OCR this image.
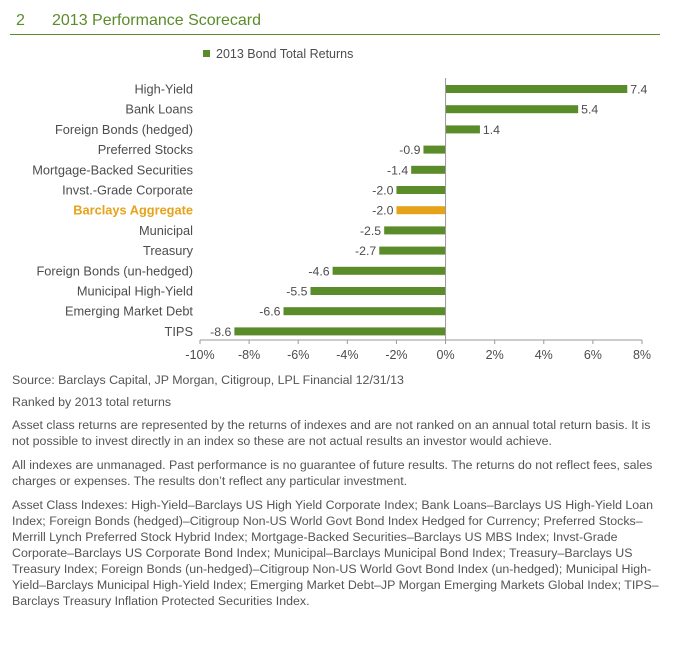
2 2013 Performance Scorecard
2013 Bond Total Returns
High-Yield	7.4
Bank Loans	5.4
Foreign Bonds (hedged)	1.4
Preferred Stocks	-0.9
Mortgage-Backed Securities	-1.4
Invst.-Grade Corporate	-2.0
Barclays Aggregate	-2.0
Municipal	-2.5
Treasury	-2.7
Foreign Bonds (un-hedged)	-4.6
Municipal High-Yield	-5.5
Emerging Market Debt	-6.6
TIPS -8.6
-10% -8% -6% -4% -2% 0% 2% 4% 6% 8%

Source: Barclays Capital, JP Morgan, Citigroup, LPL Financial 12/31/13

Ranked by 2013 total returns

Asset class returns are represented by the returns of indexes and are not ranked on an annual total return basis. It is not possible to invest directly in an index so these are not actual results an investor would achieve.

All indexes are unmanaged. Past performance is no guarantee of future results. The returns do not reflect fees, sales charges or expenses. The results don’t reflect any particular investment.

Asset Class Indexes: High-Yield–Barclays US High Yield Corporate Index; Bank Loans–Barclays US High-Yield Loan Index; Foreign Bonds (hedged)–Citigroup Non-US World Govt Bond Index Hedged for Currency; Preferred Stocks–Merrill Lynch Preferred Stock Hybrid Index; Mortgage-Backed Securities–Barclays US MBS Index; Invst-Grade Corporate–Barclays US Corporate Bond Index; Municipal–Barclays Municipal Bond Index; Treasury–Barclays US Treasury Index; Foreign Bonds (un-hedged)–Citigroup Non-US World Govt Bond Index (un-hedged); Municipal High-Yield–Barclays Municipal High-Yield Index; Emerging Market Debt–JP Morgan Emerging Markets Global Index; TIPS–Barclays Treasury Inflation Protected Securities Index.
